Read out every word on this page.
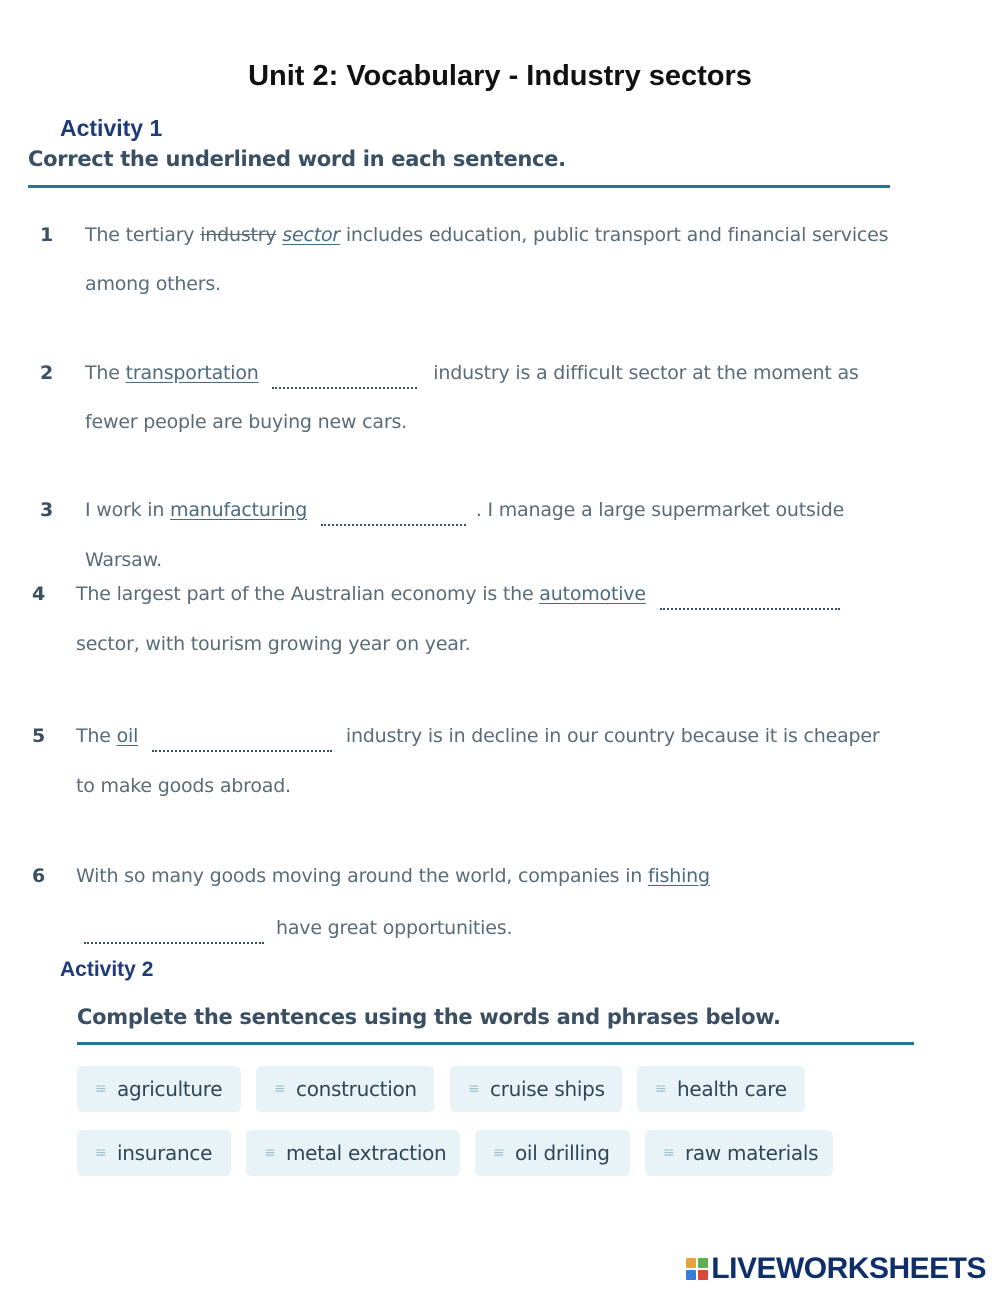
Unit 2: Vocabulary - Industry sectors
Activity 1
Correct the underlined word in each sentence.
1 The tertiary industry sector includes education, public transport and financial services
among others.
2 The transportation	industry is a difficult sector at the moment as
fewer people are buying new cars.
3 I work in manufacturing	. I manage a large supermarket outside
Warsaw.
4 The largest part of the Australian economy is the automotive
sector, with tourism growing year on year.
5 The oil	industry is in decline in our country because it is cheaper
to make goods abroad.
6 With so many goods moving around the world, companies in fishing
have great opportunities.
Activity 2
Complete the sentences using the words and phrases below.
≡ agriculture	≡ construction	≡ cruise ships	≡ health care
≡ insurance	≡ metal extraction	≡ oil drilling	≡ raw materials
LIVEWORKSHEETS
